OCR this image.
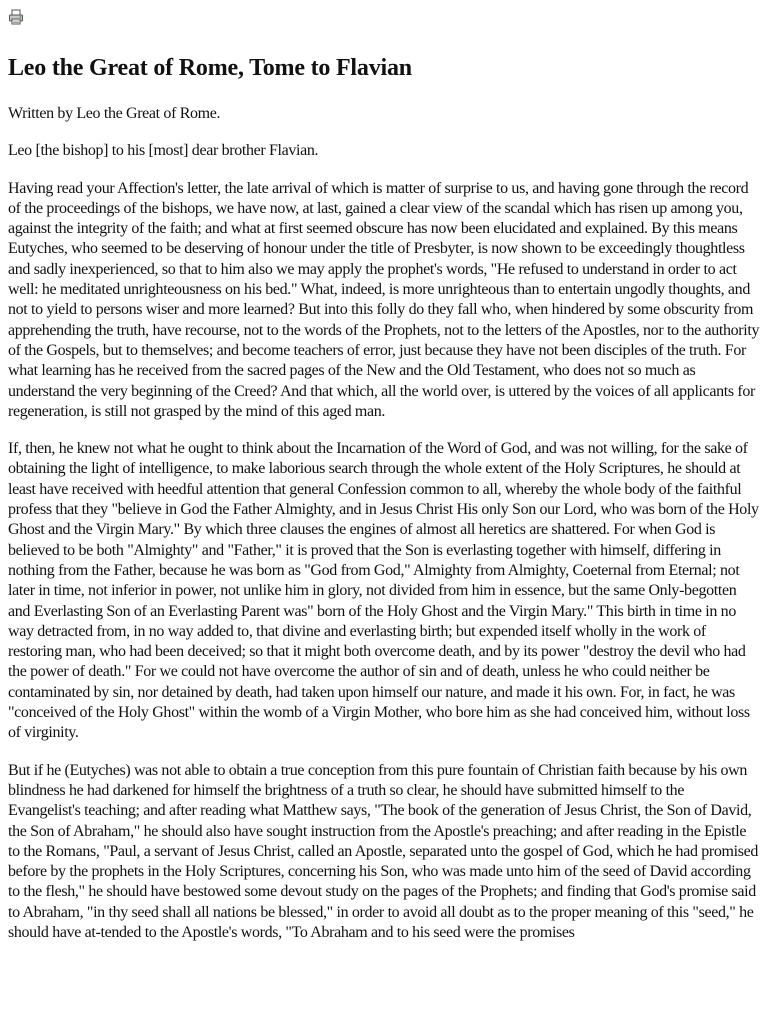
Leo the Great of Rome, Tome to Flavian

Written by Leo the Great of Rome.

Leo [the bishop] to his [most] dear brother Flavian.

Having read your Affection's letter, the late arrival of which is matter of surprise to us, and having gone through the record of the proceedings of the bishops, we have now, at last, gained a clear view of the scandal which has risen up among you, against the integrity of the faith; and what at first seemed obscure has now been elucidated and explained. By this means Eutyches, who seemed to be deserving of honour under the title of Presbyter, is now shown to be exceedingly thoughtless and sadly inexperienced, so that to him also we may apply the prophet's words, "He refused to understand in order to act well: he meditated unrighteousness on his bed." What, indeed, is more unrighteous than to entertain ungodly thoughts, and not to yield to persons wiser and more learned? But into this folly do they fall who, when hindered by some obscurity from apprehending the truth, have recourse, not to the words of the Prophets, not to the letters of the Apostles, nor to the authority of the Gospels, but to themselves; and become teachers of error, just because they have not been disciples of the truth. For what learning has he received from the sacred pages of the New and the Old Testament, who does not so much as understand the very beginning of the Creed? And that which, all the world over, is uttered by the voices of all applicants for regeneration, is still not grasped by the mind of this aged man.

If, then, he knew not what he ought to think about the Incarnation of the Word of God, and was not willing, for the sake of obtaining the light of intelligence, to make laborious search through the whole extent of the Holy Scriptures, he should at least have received with heedful attention that general Confession common to all, whereby the whole body of the faithful profess that they "believe in God the Father Almighty, and in Jesus Christ His only Son our Lord, who was born of the Holy Ghost and the Virgin Mary." By which three clauses the engines of almost all heretics are shattered. For when God is believed to be both "Almighty" and "Father," it is proved that the Son is everlasting together with himself, differing in nothing from the Father, because he was born as "God from God," Almighty from Almighty, Coeternal from Eternal; not later in time, not inferior in power, not unlike him in glory, not divided from him in essence, but the same Only-begotten and Everlasting Son of an Everlasting Parent was" born of the Holy Ghost and the Virgin Mary." This birth in time in no way detracted from, in no way added to, that divine and everlasting birth; but expended itself wholly in the work of restoring man, who had been deceived; so that it might both overcome death, and by its power "destroy the devil who had the power of death." For we could not have overcome the author of sin and of death, unless he who could neither be contaminated by sin, nor detained by death, had taken upon himself our nature, and made it his own. For, in fact, he was "conceived of the Holy Ghost" within the womb of a Virgin Mother, who bore him as she had conceived him, without loss of virginity.

But if he (Eutyches) was not able to obtain a true conception from this pure fountain of Christian faith because by his own blindness he had darkened for himself the brightness of a truth so clear, he should have submitted himself to the Evangelist's teaching; and after reading what Matthew says, "The book of the generation of Jesus Christ, the Son of David, the Son of Abraham," he should also have sought instruction from the Apostle's preaching; and after reading in the Epistle to the Romans, "Paul, a servant of Jesus Christ, called an Apostle, separated unto the gospel of God, which he had promised before by the prophets in the Holy Scriptures, concerning his Son, who was made unto him of the seed of David according to the flesh," he should have bestowed some devout study on the pages of the Prophets; and finding that God's promise said to Abraham, "in thy seed shall all nations be blessed," in order to avoid all doubt as to the proper meaning of this "seed," he should have at-tended to the Apostle's words, "To Abraham and to his seed were the promises
